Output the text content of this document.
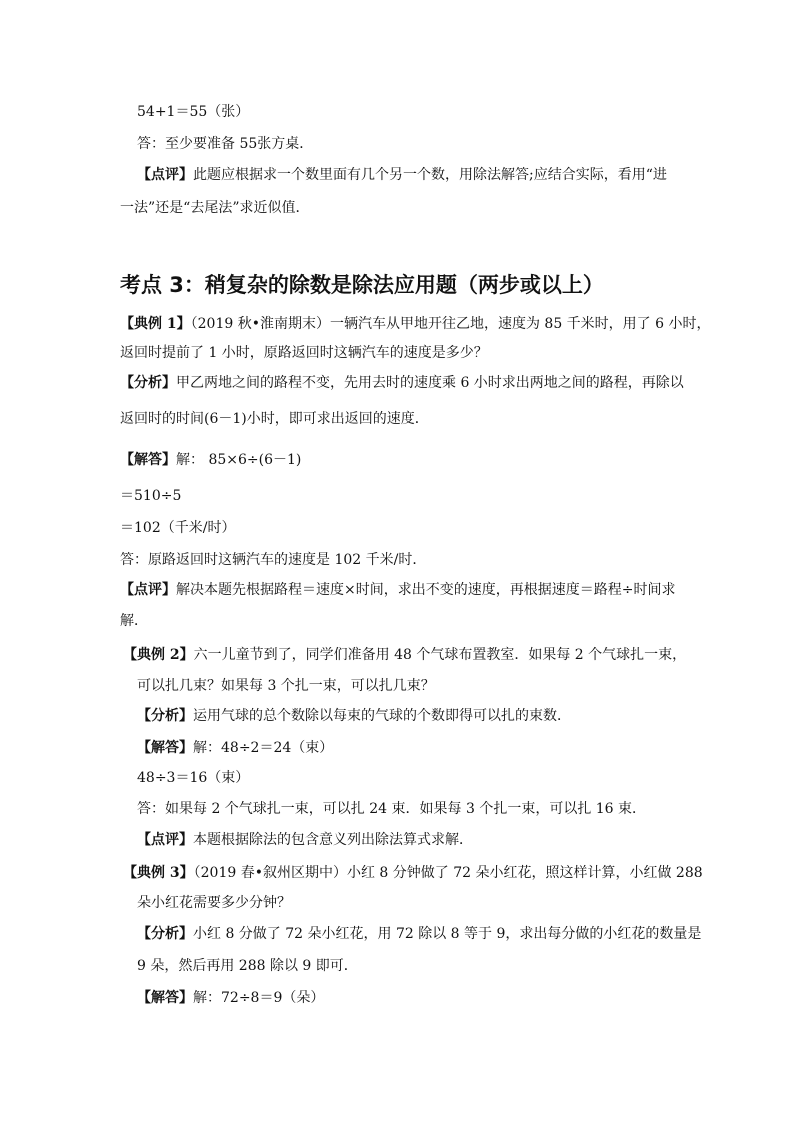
54+1＝55（张）
答：至少要准备 55张方桌．
【点评】此题应根据求一个数里面有几个另一个数，用除法解答;应结合实际，看用“进
一法”还是“去尾法”求近似值．
考点 3：稍复杂的除数是除法应用题（两步或以上）
【典例 1】（2019 秋•淮南期末）一辆汽车从甲地开往乙地，速度为 85 千米时，用了 6 小时，
返回时提前了 1 小时，原路返回时这辆汽车的速度是多少？
【分析】甲乙两地之间的路程不变，先用去时的速度乘 6 小时求出两地之间的路程，再除以
返回时的时间(6－1)小时，即可求出返回的速度．
【解答】解： 85×6÷(6－1)
＝510÷5
＝102（千米/时）
答：原路返回时这辆汽车的速度是 102 千米/时．
【点评】解决本题先根据路程＝速度×时间，求出不变的速度，再根据速度＝路程÷时间求
解．
【典例 2】六一儿童节到了，同学们准备用 48 个气球布置教室．如果每 2 个气球扎一束，
可以扎几束？如果每 3 个扎一束，可以扎几束？
【分析】运用气球的总个数除以每束的气球的个数即得可以扎的束数．
【解答】解：48÷2＝24（束）
48÷3＝16（束）
答：如果每 2 个气球扎一束，可以扎 24 束．如果每 3 个扎一束，可以扎 16 束．
【点评】本题根据除法的包含意义列出除法算式求解．
【典例 3】（2019 春•叙州区期中）小红 8 分钟做了 72 朵小红花，照这样计算，小红做 288
朵小红花需要多少分钟？
【分析】小红 8 分做了 72 朵小红花，用 72 除以 8 等于 9，求出每分做的小红花的数量是
9 朵，然后再用 288 除以 9 即可．
【解答】解：72÷8＝9（朵）
